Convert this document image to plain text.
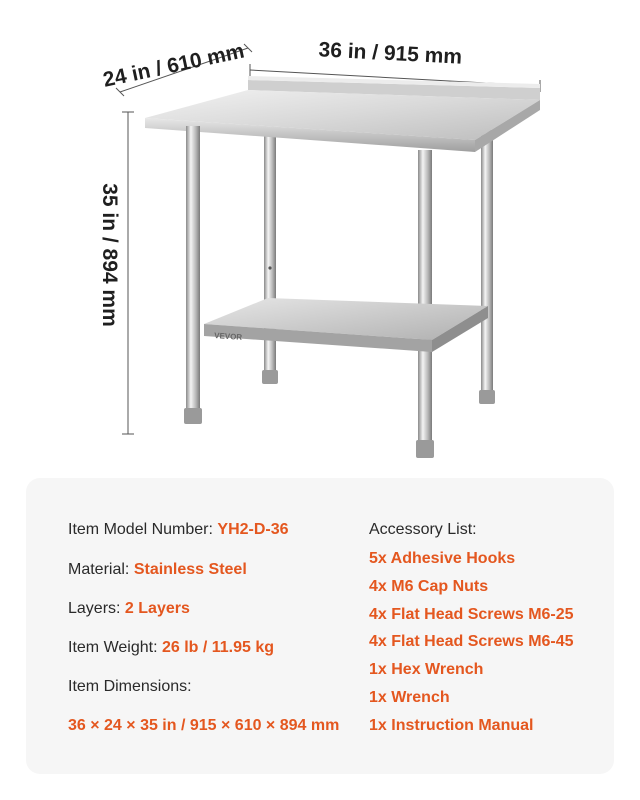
24 in / 610 mm	36 in / 915 mm
35 in / 894 mm
VEVOR
Item Model Number: YH2-D-36
Material: Stainless Steel
Layers: 2 Layers
Item Weight: 26 lb / 11.95 kg
Item Dimensions:
36 × 24 × 35 in / 915 × 610 × 894 mm
Accessory List:
5x Adhesive Hooks
4x M6 Cap Nuts
4x Flat Head Screws M6-25
4x Flat Head Screws M6-45
1x Hex Wrench
1x Wrench
1x Instruction Manual
